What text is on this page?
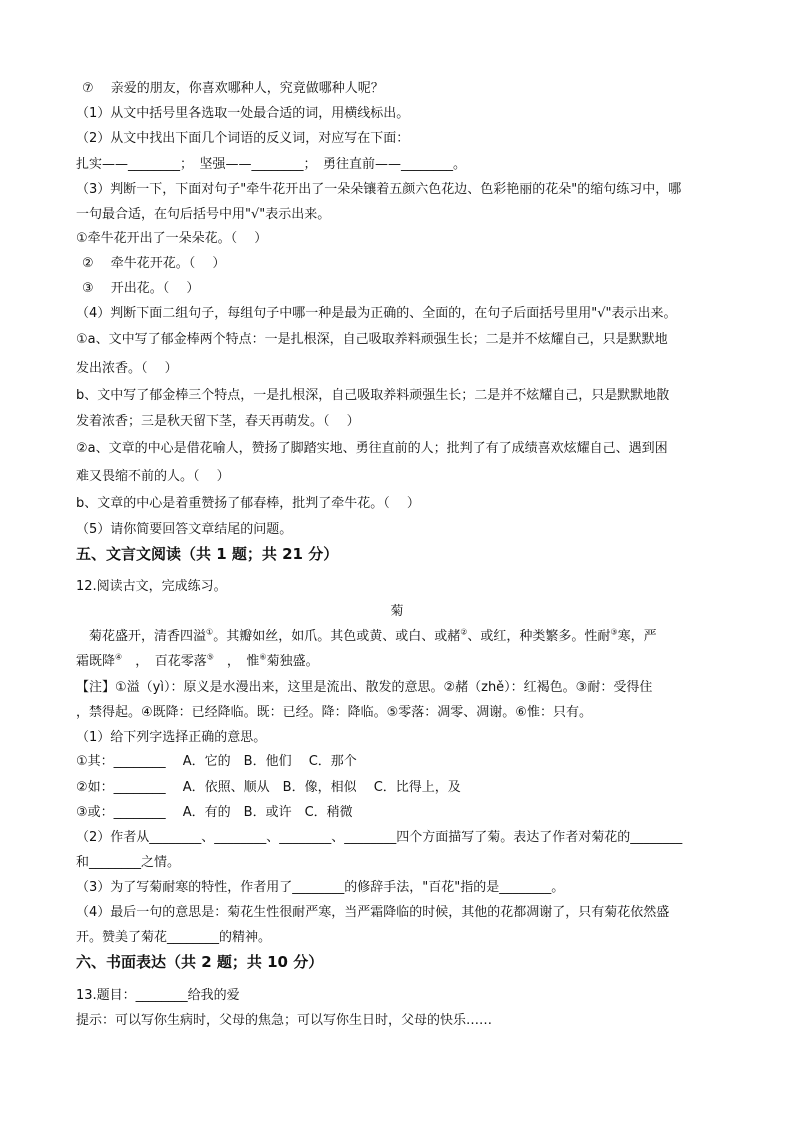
⑦　 亲爱的朋友，你喜欢哪种人，究竟做哪种人呢？
（1）从文中括号里各选取一处最合适的词，用横线标出。
（2）从文中找出下面几个词语的反义词，对应写在下面：
扎实——________；　坚强——________；　勇往直前——________。
（3）判断一下，下面对句子"牵牛花开出了一朵朵镶着五颜六色花边、色彩艳丽的花朵"的缩句练习中，哪
一句最合适，在句后括号中用"√"表示出来。
①牵牛花开出了一朵朵花。（　 ）
②　 牵牛花开花。（　 ）
③　 开出花。（　 ）
（4）判断下面二组句子，每组句子中哪一种是最为正确的、全面的，在句子后面括号里用"√"表示出来。
①a、文中写了郁金棒两个特点：一是扎根深，自己吸取养料顽强生长；二是并不炫耀自己，只是默默地
发出浓香。（　 ）
b、文中写了郁金棒三个特点，一是扎根深，自己吸取养料顽强生长；二是并不炫耀自己，只是默默地散
发着浓香；三是秋天留下茎，春天再萌发。（　 ）
②a、文章的中心是借花喻人，赞扬了脚踏实地、勇往直前的人；批判了有了成绩喜欢炫耀自己、遇到困
难又畏缩不前的人。（　 ）
b、文章的中心是着重赞扬了郁春棒，批判了牵牛花。（　 ）
（5）请你简要回答文章结尾的问题。
五、文言文阅读（共 1 题；共 21 分）
12.阅读古文，完成练习。
菊
　菊花盛开，清香四溢①。其瓣如丝，如爪。其色或黄、或白、或赭②、或红，种类繁多。性耐③寒，严
霜既降④　，　百花零落⑤　，　惟⑥菊独盛。
【注】①溢（yì）：原义是水漫出来，这里是流出、散发的意思。②赭（zhě）：红褐色。③耐：受得住
，禁得起。④既降：已经降临。既：已经。降：降临。⑤零落：凋零、凋谢。⑥惟：只有。
（1）给下列字选择正确的意思。
①其：________　 A．它的　B．他们　 C．那个
②如：________　 A．依照、顺从　B．像，相似　 C．比得上，及
③或：________　 A．有的　B．或许　C．稍微
（2）作者从________、________、________、________四个方面描写了菊。表达了作者对菊花的________
和________之情。
（3）为了写菊耐寒的特性，作者用了________的修辞手法，"百花"指的是________。
（4）最后一句的意思是：菊花生性很耐严寒，当严霜降临的时候，其他的花都凋谢了，只有菊花依然盛
开。赞美了菊花________的精神。
六、书面表达（共 2 题；共 10 分）
13.题目：________给我的爱
提示：可以写你生病时，父母的焦急；可以写你生日时，父母的快乐……
